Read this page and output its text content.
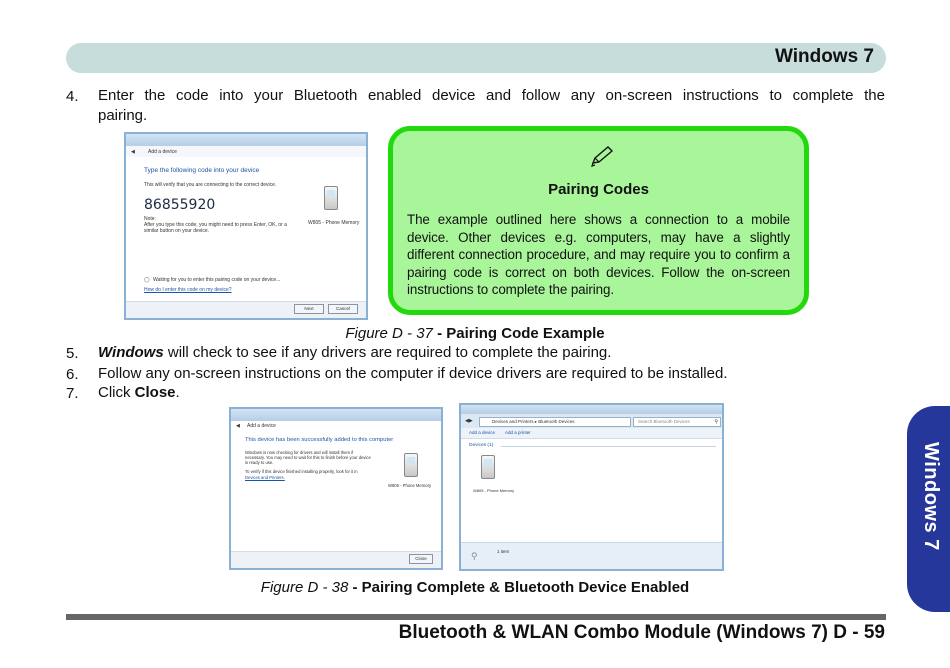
Windows 7
Windows 7
4. Enter the code into your Bluetooth enabled device and follow any on-screen instructions to complete the
pairing.
◀	Add a device
Type the following code into your device
This will verify that you are connecting to the correct device.
86855920
Note:
After you type this code, you might need to press Enter, OK, or a similar button on your device.
W805 - Phone Memory
◯ Waiting for you to enter this pairing code on your device...
How do I enter this code on my device?
Next	Cancel
Pairing Codes
The example outlined here shows a connection to a mobile device. Other devices e.g. computers, may have a slightly different connection procedure, and may require you to confirm a pairing code is correct on both devices. Follow the on-screen instructions to complete the pairing.
Figure D - 37 - Pairing Code Example
5. Windows will check to see if any drivers are required to complete the pairing.
6. Follow any on-screen instructions on the computer if device drivers are required to be installed.
7. Click Close.
◀ Add a device
This device has been successfully added to this computer
Windows is now checking for drivers and will install them if
necessary. You may need to wait for this to finish before your device
is ready to use.
To verify if this device finished installing properly, look for it in
Devices and Printers.
W805 - Phone Memory
Close
◀▶	Devices and Printers ▸ Bluetooth Devices	Search Bluetooth Devices	⚲
Add a device Add a printer
Devices (1)
W805 - Phone Memory
⚲	1 item
Figure D - 38 - Pairing Complete & Bluetooth Device Enabled
Bluetooth & WLAN Combo Module (Windows 7) D - 59
